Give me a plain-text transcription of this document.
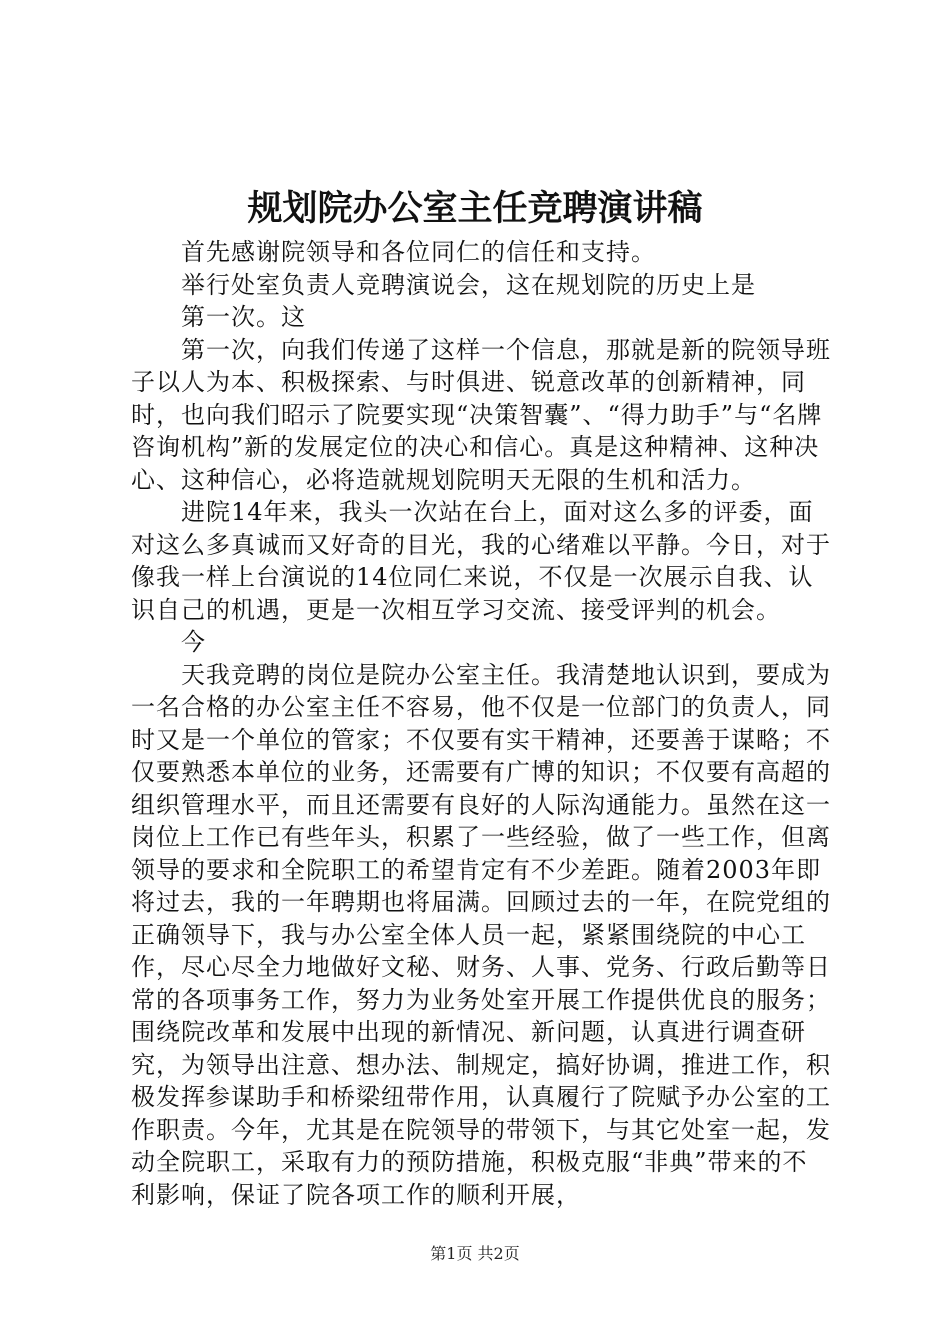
规划院办公室主任竞聘演讲稿

首先感谢院领导和各位同仁的信任和支持。

举行处室负责人竞聘演说会，这在规划院的历史上是

第一次。这

第一次，向我们传递了这样一个信息，那就是新的院领导班子以人为本、积极探索、与时俱进、锐意改革的创新精神，同时，也向我们昭示了院要实现“决策智囊”、“得力助手”与“名牌咨询机构”新的发展定位的决心和信心。真是这种精神、这种决心、这种信心，必将造就规划院明天无限的生机和活力。

进院14年来，我头一次站在台上，面对这么多的评委，面对这么多真诚而又好奇的目光，我的心绪难以平静。今日，对于像我一样上台演说的14位同仁来说，不仅是一次展示自我、认识自己的机遇，更是一次相互学习交流、接受评判的机会。

今

天我竞聘的岗位是院办公室主任。我清楚地认识到，要成为一名合格的办公室主任不容易，他不仅是一位部门的负责人，同时又是一个单位的管家；不仅要有实干精神，还要善于谋略；不仅要熟悉本单位的业务，还需要有广博的知识；不仅要有高超的组织管理水平，而且还需要有良好的人际沟通能力。虽然在这一岗位上工作已有些年头，积累了一些经验，做了一些工作，但离领导的要求和全院职工的希望肯定有不少差距。随着2003年即将过去，我的一年聘期也将届满。回顾过去的一年，在院党组的正确领导下，我与办公室全体人员一起，紧紧围绕院的中心工作，尽心尽全力地做好文秘、财务、人事、党务、行政后勤等日常的各项事务工作，努力为业务处室开展工作提供优良的服务；围绕院改革和发展中出现的新情况、新问题，认真进行调查研究，为领导出注意、想办法、制规定，搞好协调，推进工作，积极发挥参谋助手和桥梁纽带作用，认真履行了院赋予办公室的工作职责。今年，尤其是在院领导的带领下，与其它处室一起，发动全院职工，采取有力的预防措施，积极克服“非典”带来的不利影响，保证了院各项工作的顺利开展，

第1页 共2页
